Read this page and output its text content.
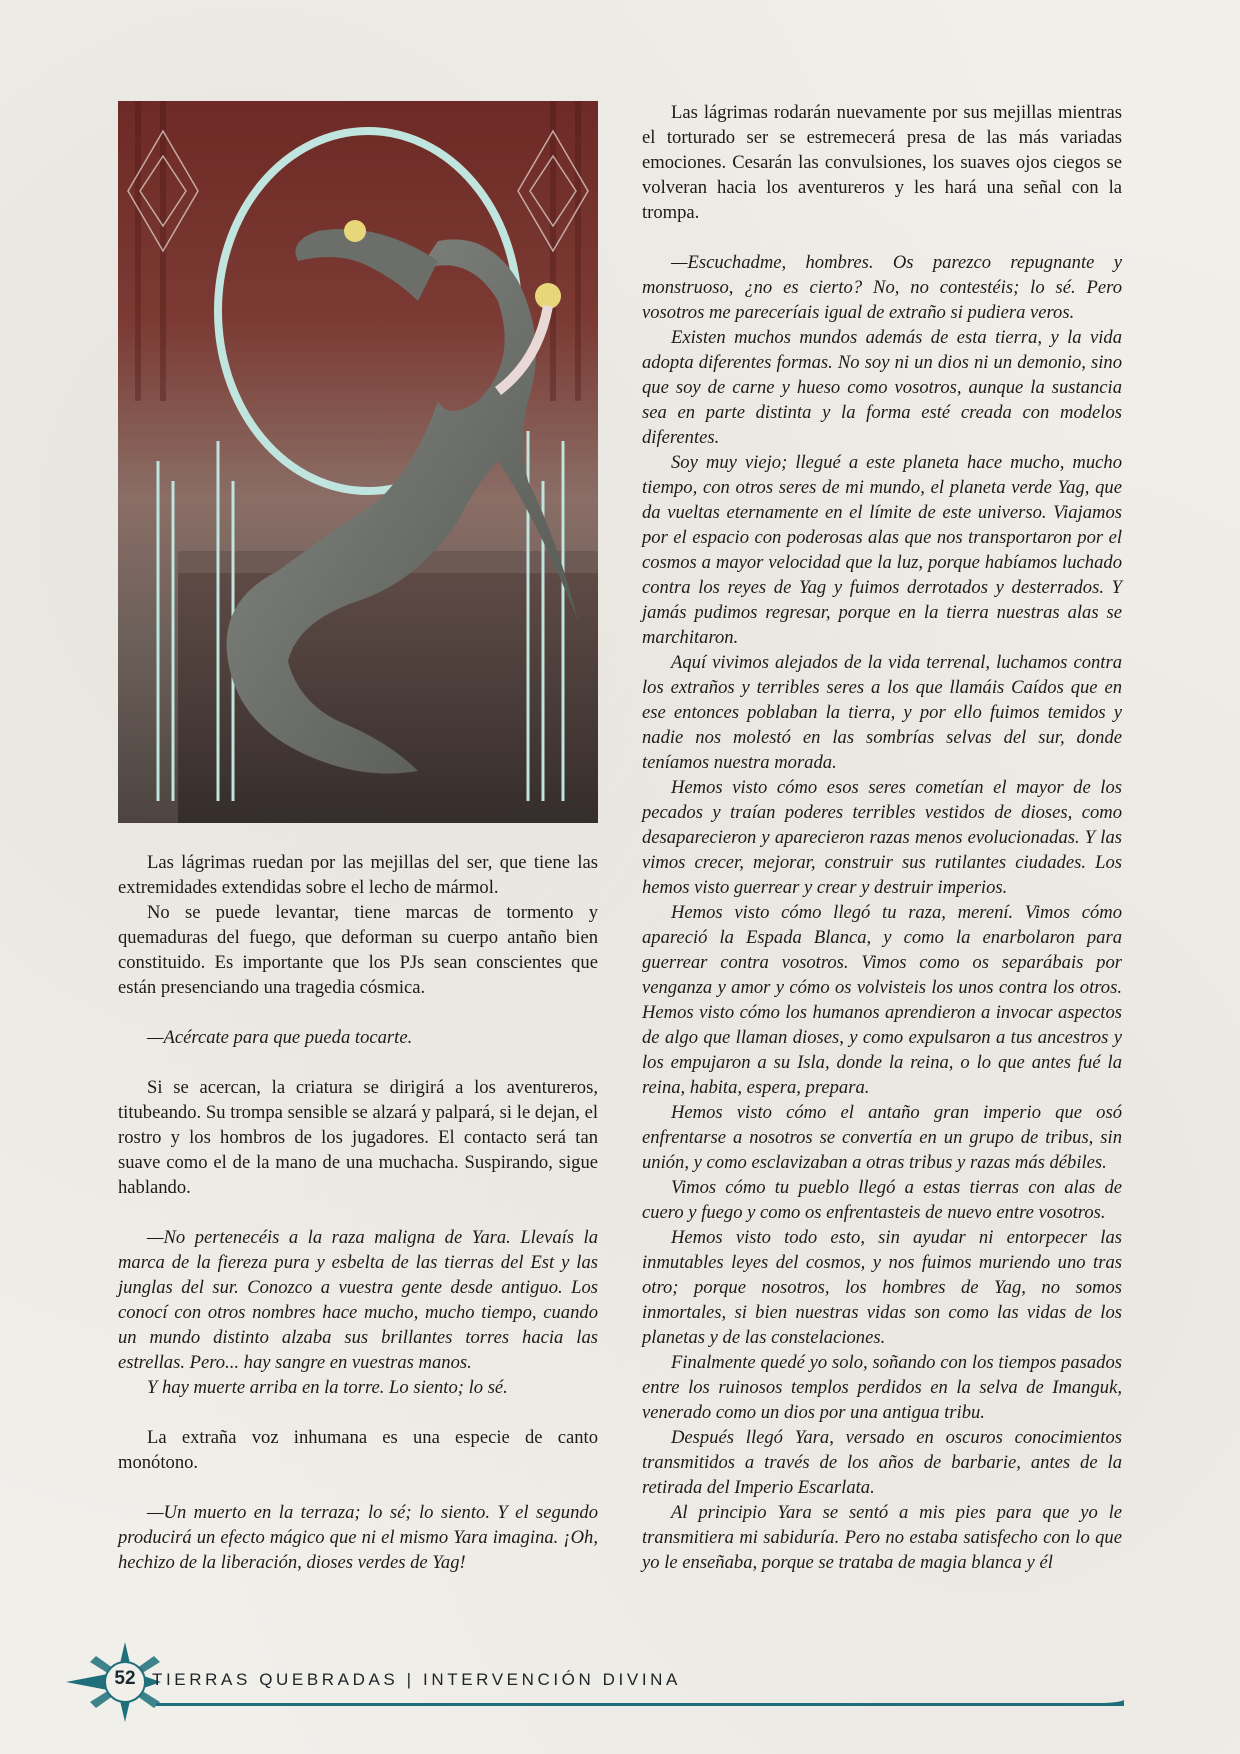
Las lágrimas ruedan por las mejillas del ser, que tiene las extremidades extendidas sobre el lecho de mármol.

No se puede levantar, tiene marcas de tormento y quemaduras del fuego, que deforman su cuerpo antaño bien constituido. Es importante que los PJs sean conscientes que están presenciando una tragedia cósmica.

—Acércate para que pueda tocarte.

Si se acercan, la criatura se dirigirá a los aventureros, titubeando. Su trompa sensible se alzará y palpará, si le dejan, el rostro y los hombros de los jugadores. El contacto será tan suave como el de la mano de una muchacha. Suspirando, sigue hablando.

—No pertenecéis a la raza maligna de Yara. Llevaís la marca de la fiereza pura y esbelta de las tierras del Est y las junglas del sur. Conozco a vuestra gente desde antiguo. Los conocí con otros nombres hace mucho, mucho tiempo, cuando un mundo distinto alzaba sus brillantes torres hacia las estrellas. Pero... hay sangre en vuestras manos.

Y hay muerte arriba en la torre. Lo siento; lo sé.

La extraña voz inhumana es una especie de canto monótono.

—Un muerto en la terraza; lo sé; lo siento. Y el segundo producirá un efecto mágico que ni el mismo Yara imagina. ¡Oh, hechizo de la liberación, dioses verdes de Yag!

Las lágrimas rodarán nuevamente por sus mejillas mientras el torturado ser se estremecerá presa de las más variadas emociones. Cesarán las convulsiones, los suaves ojos ciegos se volveran hacia los aventureros y les hará una señal con la trompa.

—Escuchadme, hombres. Os parezco repugnante y monstruoso, ¿no es cierto? No, no contestéis; lo sé. Pero vosotros me pareceríais igual de extraño si pudiera veros.

Existen muchos mundos además de esta tierra, y la vida adopta diferentes formas. No soy ni un dios ni un demonio, sino que soy de carne y hueso como vosotros, aunque la sustancia sea en parte distinta y la forma esté creada con modelos diferentes.

Soy muy viejo; llegué a este planeta hace mucho, mucho tiempo, con otros seres de mi mundo, el planeta verde Yag, que da vueltas eternamente en el límite de este universo. Viajamos por el espacio con poderosas alas que nos transportaron por el cosmos a mayor velocidad que la luz, porque habíamos luchado contra los reyes de Yag y fuimos derrotados y desterrados. Y jamás pudimos regresar, porque en la tierra nuestras alas se marchitaron.

Aquí vivimos alejados de la vida terrenal, luchamos contra los extraños y terribles seres a los que llamáis Caídos que en ese entonces poblaban la tierra, y por ello fuimos temidos y nadie nos molestó en las sombrías selvas del sur, donde teníamos nuestra morada.

Hemos visto cómo esos seres cometían el mayor de los pecados y traían poderes terribles vestidos de dioses, como desaparecieron y aparecieron razas menos evolucionadas. Y las vimos crecer, mejorar, construir sus rutilantes ciudades. Los hemos visto guerrear y crear y destruir imperios.

Hemos visto cómo llegó tu raza, merení. Vimos cómo apareció la Espada Blanca, y como la enarbolaron para guerrear contra vosotros. Vimos como os separábais por venganza y amor y cómo os volvisteis los unos contra los otros. Hemos visto cómo los humanos aprendieron a invocar aspectos de algo que llaman dioses, y como expulsaron a tus ancestros y los empujaron a su Isla, donde la reina, o lo que antes fué la reina, habita, espera, prepara.

Hemos visto cómo el antaño gran imperio que osó enfrentarse a nosotros se convertía en un grupo de tribus, sin unión, y como esclavizaban a otras tribus y razas más débiles.

Vimos cómo tu pueblo llegó a estas tierras con alas de cuero y fuego y como os enfrentasteis de nuevo entre vosotros.

Hemos visto todo esto, sin ayudar ni entorpecer las inmutables leyes del cosmos, y nos fuimos muriendo uno tras otro; porque nosotros, los hombres de Yag, no somos inmortales, si bien nuestras vidas son como las vidas de los planetas y de las constelaciones.

Finalmente quedé yo solo, soñando con los tiempos pasados entre los ruinosos templos perdidos en la selva de Imanguk, venerado como un dios por una antigua tribu.

Después llegó Yara, versado en oscuros conocimientos transmitidos a través de los años de barbarie, antes de la retirada del Imperio Escarlata.

Al principio Yara se sentó a mis pies para que yo le transmitiera mi sabiduría. Pero no estaba satisfecho con lo que yo le enseñaba, porque se trataba de magia blanca y él

52 TIERRAS QUEBRADAS | INTERVENCIÓN DIVINA
